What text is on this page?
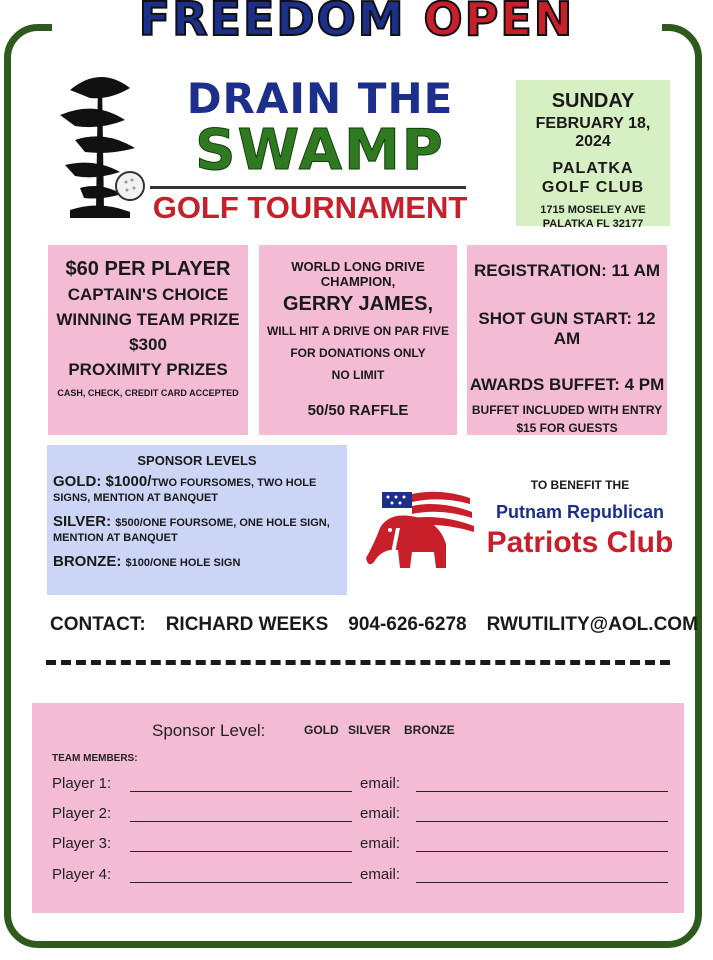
FREEDOM OPEN
DRAIN THE
SWAMP
GOLF TOURNAMENT
SUNDAY
FEBRUARY 18, 2024
PALATKA
GOLF CLUB
1715 MOSELEY AVE
PALATKA FL 32177
$60 PER PLAYER
CAPTAIN'S CHOICE
WINNING TEAM PRIZE
$300
PROXIMITY PRIZES
CASH, CHECK, CREDIT CARD ACCEPTED
WORLD LONG DRIVE CHAMPION,
GERRY JAMES,
WILL HIT A DRIVE ON PAR FIVE
FOR DONATIONS ONLY
NO LIMIT
50/50 RAFFLE
REGISTRATION: 11 AM
SHOT GUN START: 12 AM
AWARDS BUFFET: 4 PM
BUFFET INCLUDED WITH ENTRY
$15 FOR GUESTS
SPONSOR LEVELS
GOLD: $1000/TWO FOURSOMES, TWO HOLE SIGNS, MENTION AT BANQUET
SILVER: $500/ONE FOURSOME, ONE HOLE SIGN, MENTION AT BANQUET
BRONZE: $100/ONE HOLE SIGN
TO BENEFIT THE
Putnam Republican
Patriots Club
CONTACT: RICHARD WEEKS 904-626-6278 RWUTILITY@AOL.COM
Sponsor Level:	GOLD SILVER BRONZE
TEAM MEMBERS:
Player 1:	email:
Player 2:	email:
Player 3:	email:
Player 4:	email:
